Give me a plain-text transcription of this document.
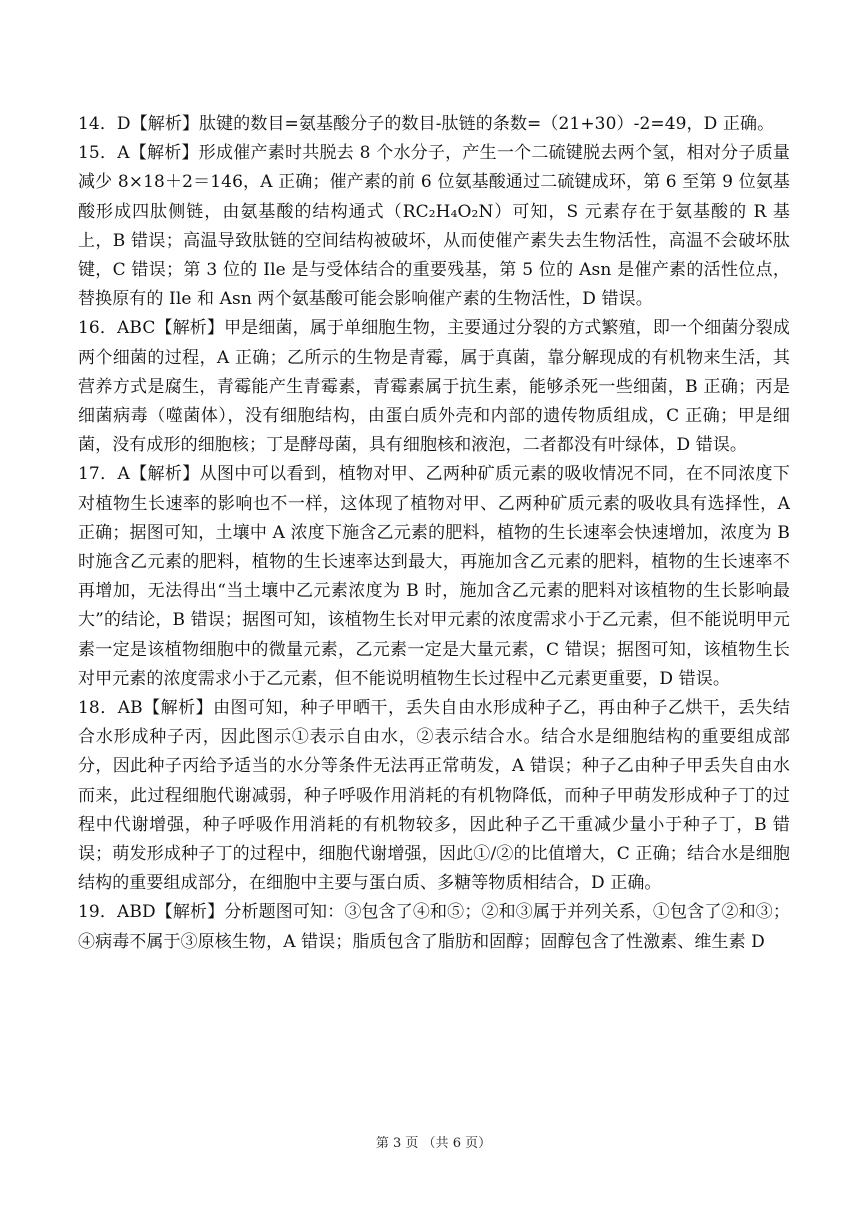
14．D【解析】肽键的数目=氨基酸分子的数目-肽链的条数=（21+30）-2=49，D 正确。

15．A【解析】形成催产素时共脱去 8 个水分子，产生一个二硫键脱去两个氢，相对分子质量减少 8×18＋2＝146，A 正确；催产素的前 6 位氨基酸通过二硫键成环，第 6 至第 9 位氨基酸形成四肽侧链，由氨基酸的结构通式（RC₂H₄O₂N）可知，S 元素存在于氨基酸的 R 基上，B 错误；高温导致肽链的空间结构被破坏，从而使催产素失去生物活性，高温不会破坏肽键，C 错误；第 3 位的 Ile 是与受体结合的重要残基，第 5 位的 Asn 是催产素的活性位点，替换原有的 Ile 和 Asn 两个氨基酸可能会影响催产素的生物活性，D 错误。

16．ABC【解析】甲是细菌，属于单细胞生物，主要通过分裂的方式繁殖，即一个细菌分裂成两个细菌的过程，A 正确；乙所示的生物是青霉，属于真菌，靠分解现成的有机物来生活，其营养方式是腐生，青霉能产生青霉素，青霉素属于抗生素，能够杀死一些细菌，B 正确；丙是细菌病毒（噬菌体），没有细胞结构，由蛋白质外壳和内部的遗传物质组成，C 正确；甲是细菌，没有成形的细胞核；丁是酵母菌，具有细胞核和液泡，二者都没有叶绿体，D 错误。

17．A【解析】从图中可以看到，植物对甲、乙两种矿质元素的吸收情况不同，在不同浓度下对植物生长速率的影响也不一样，这体现了植物对甲、乙两种矿质元素的吸收具有选择性，A 正确；据图可知，土壤中 A 浓度下施含乙元素的肥料，植物的生长速率会快速增加，浓度为 B 时施含乙元素的肥料，植物的生长速率达到最大，再施加含乙元素的肥料，植物的生长速率不再增加，无法得出“当土壤中乙元素浓度为 B 时，施加含乙元素的肥料对该植物的生长影响最大”的结论，B 错误；据图可知，该植物生长对甲元素的浓度需求小于乙元素，但不能说明甲元素一定是该植物细胞中的微量元素，乙元素一定是大量元素，C 错误；据图可知，该植物生长对甲元素的浓度需求小于乙元素，但不能说明植物生长过程中乙元素更重要，D 错误。

18．AB【解析】由图可知，种子甲晒干，丢失自由水形成种子乙，再由种子乙烘干，丢失结合水形成种子丙，因此图示①表示自由水，②表示结合水。结合水是细胞结构的重要组成部分，因此种子丙给予适当的水分等条件无法再正常萌发，A 错误；种子乙由种子甲丢失自由水而来，此过程细胞代谢减弱，种子呼吸作用消耗的有机物降低，而种子甲萌发形成种子丁的过程中代谢增强，种子呼吸作用消耗的有机物较多，因此种子乙干重减少量小于种子丁，B 错误；萌发形成种子丁的过程中，细胞代谢增强，因此①/②的比值增大，C 正确；结合水是细胞结构的重要组成部分，在细胞中主要与蛋白质、多糖等物质相结合，D 正确。

19．ABD【解析】分析题图可知：③包含了④和⑤；②和③属于并列关系，①包含了②和③；④病毒不属于③原核生物，A 错误；脂质包含了脂肪和固醇；固醇包含了性激素、维生素 D

第 3 页 （共 6 页）
